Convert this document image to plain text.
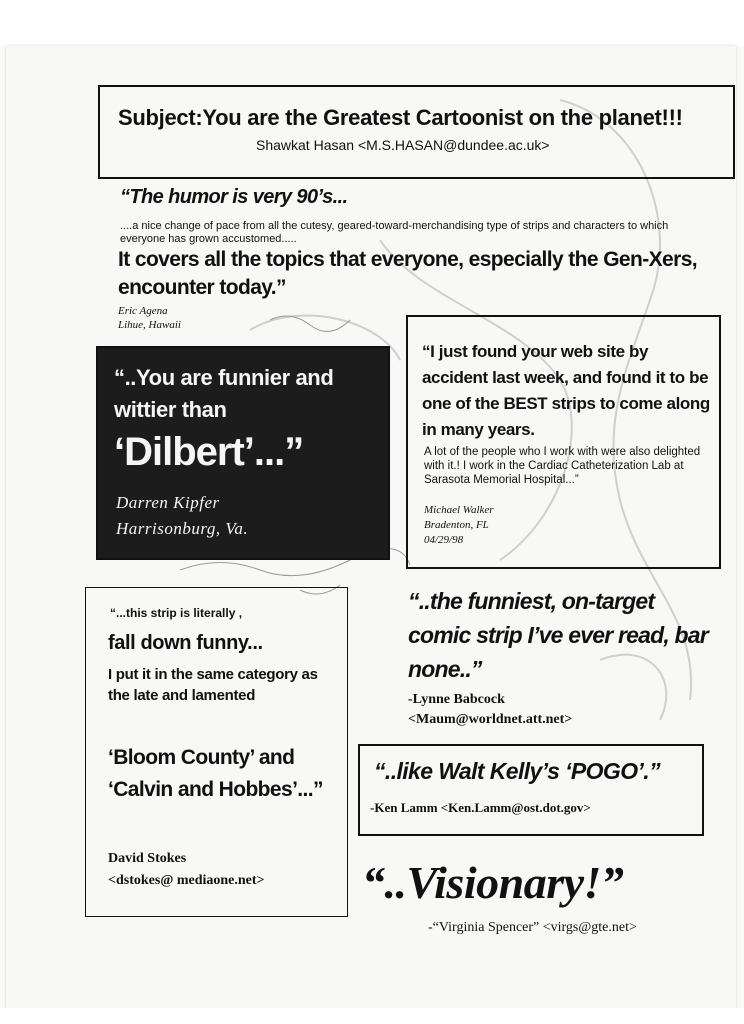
Subject:You are the Greatest Cartoonist on the planet!!!
Shawkat Hasan <M.S.HASAN@dundee.ac.uk>
“The humor is very 90’s...
....a nice change of pace from all the cutesy, geared-toward-merchandising type of strips and characters to which everyone has grown accustomed.....
It covers all the topics that everyone, especially the Gen-Xers, encounter today.”
Eric Agena
Lihue, Hawaii
“..You are funnier and wittier than
‘Dilbert’...”
Darren Kipfer
Harrisonburg, Va.
“I just found your web site by accident last week, and found it to be one of the BEST strips to come along in many years.
A lot of the people who I work with were also delighted with it.! I work in the Cardiac Catheterization Lab at Sarasota Memorial Hospital...”
Michael Walker
Bradenton, FL
04/29/98
“...this strip is literally ,
fall down funny...
I put it in the same category as the late and lamented
‘Bloom County’ and ‘Calvin and Hobbes’...”
David Stokes
<dstokes@ mediaone.net>
“..the funniest, on-target comic strip I’ve ever read, bar none..”
-Lynne Babcock
<Maum@worldnet.att.net>
“..like Walt Kelly’s ‘POGO’.”
-Ken Lamm <Ken.Lamm@ost.dot.gov>
“..Visionary!”
-“Virginia Spencer” <virgs@gte.net>
